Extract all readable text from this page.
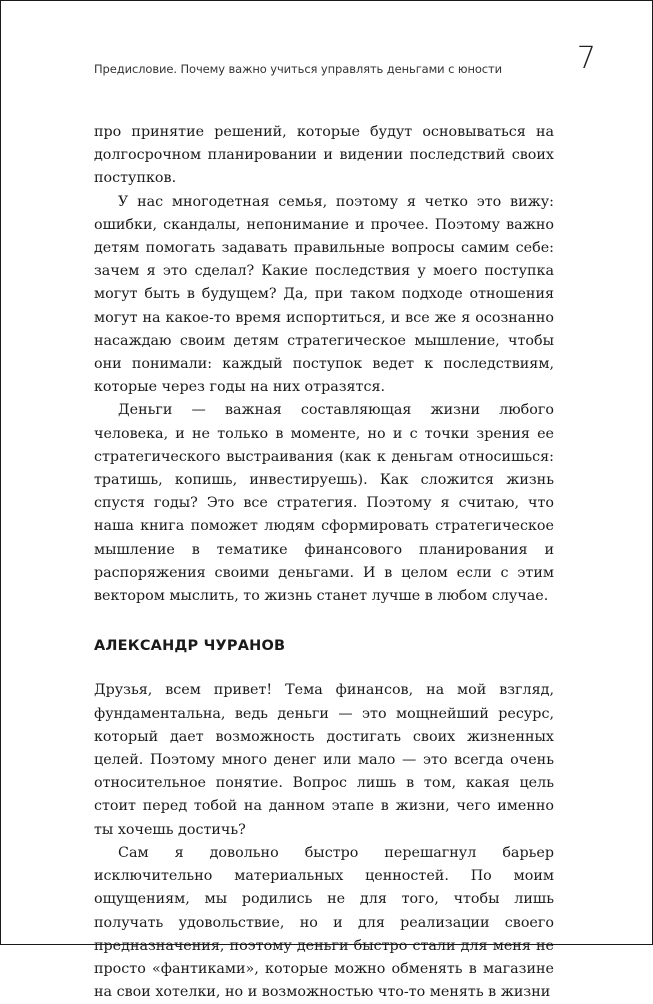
Предисловие. Почему важно учиться управлять деньгами с юности 7

про принятие решений, которые будут основываться на долгосрочном планировании и видении последствий своих поступков.

У нас многодетная семья, поэтому я четко это вижу: ошибки, скандалы, непонимание и прочее. Поэтому важно детям помогать задавать правильные вопросы самим себе: зачем я это сделал? Какие последствия у моего поступка могут быть в будущем? Да, при таком подходе отношения могут на какое-то время испортиться, и все же я осознанно насаждаю своим детям стратегическое мышление, чтобы они понимали: каждый поступок ведет к последствиям, которые через годы на них отразятся.

Деньги — важная составляющая жизни любого человека, и не только в моменте, но и с точки зрения ее стратегического выстраивания (как к деньгам относишься: тратишь, копишь, инвестируешь). Как сложится жизнь спустя годы? Это все стратегия. Поэтому я считаю, что наша книга поможет людям сформировать стратегическое мышление в тематике финансового планирования и распоряжения своими деньгами. И в целом если с этим вектором мыслить, то жизнь станет лучше в любом случае.

АЛЕКСАНДР ЧУРАНОВ

Друзья, всем привет! Тема финансов, на мой взгляд, фундаментальна, ведь деньги — это мощнейший ресурс, который дает возможность достигать своих жизненных целей. Поэтому много денег или мало — это всегда очень относительное понятие. Вопрос лишь в том, какая цель стоит перед тобой на данном этапе в жизни, чего именно ты хочешь достичь?

Сам я довольно быстро перешагнул барьер исключительно материальных ценностей. По моим ощущениям, мы родились не для того, чтобы лишь получать удовольствие, но и для реализации своего предназначения, поэтому деньги быстро стали для меня не просто «фантиками», которые можно обменять в магазине на свои хотелки, но и возможностью что-то менять в жизни
